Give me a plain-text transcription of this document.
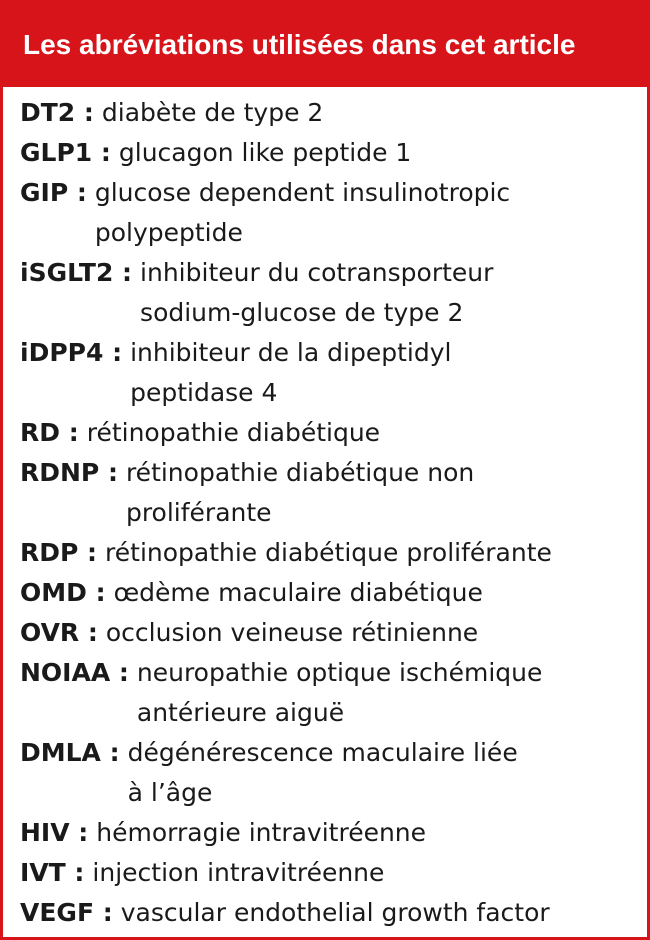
Les abréviations utilisées dans cet article
DT2 : diabète de type 2
GLP1 : glucagon like peptide 1
GIP : glucose dependent insulinotropic
polypeptide
iSGLT2 : inhibiteur du cotransporteur
sodium-glucose de type 2
iDPP4 : inhibiteur de la dipeptidyl
peptidase 4
RD : rétinopathie diabétique
RDNP : rétinopathie diabétique non
proliférante
RDP : rétinopathie diabétique proliférante
OMD : œdème maculaire diabétique
OVR : occlusion veineuse rétinienne
NOIAA : neuropathie optique ischémique
antérieure aiguë
DMLA : dégénérescence maculaire liée
à l’âge
HIV : hémorragie intravitréenne
IVT : injection intravitréenne
VEGF : vascular endothelial growth factor
